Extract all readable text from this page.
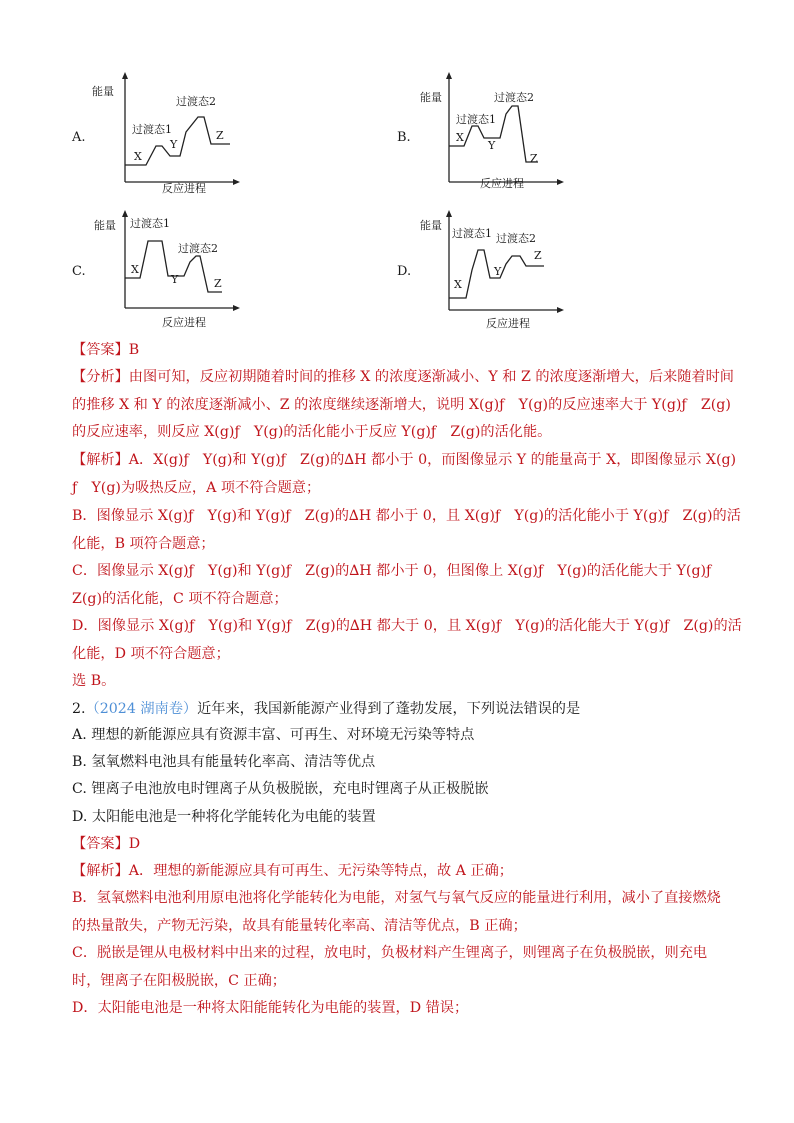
A.
能量
反应进程
过渡态1
过渡态2
X
Y
Z	B.
能量
反应进程
过渡态1
过渡态2
X
Y
Z
C.
能量
反应进程
过渡态1
过渡态2
X
Y	Z
D.
能量
反应进程
过渡态1 过渡态2
X
Y
Z
【答案】B
【分析】由图可知，反应初期随着时间的推移 X 的浓度逐渐减小、Y 和 Z 的浓度逐渐增大，后来随着时间
的推移 X 和 Y 的浓度逐渐减小、Z 的浓度继续逐渐增大，说明 X(g)ƒ　Y(g)的反应速率大于 Y(g)ƒ　Z(g)
的反应速率，则反应 X(g)ƒ　Y(g)的活化能小于反应 Y(g)ƒ　Z(g)的活化能。
【解析】A．X(g)ƒ　Y(g)和 Y(g)ƒ　Z(g)的∆H 都小于 0，而图像显示 Y 的能量高于 X，即图像显示 X(g)
ƒ　Y(g)为吸热反应，A 项不符合题意；
B．图像显示 X(g)ƒ　Y(g)和 Y(g)ƒ　Z(g)的∆H 都小于 0，且 X(g)ƒ　Y(g)的活化能小于 Y(g)ƒ　Z(g)的活
化能，B 项符合题意；
C．图像显示 X(g)ƒ　Y(g)和 Y(g)ƒ　Z(g)的∆H 都小于 0，但图像上 X(g)ƒ　Y(g)的活化能大于 Y(g)ƒ
Z(g)的活化能，C 项不符合题意；
D．图像显示 X(g)ƒ　Y(g)和 Y(g)ƒ　Z(g)的∆H 都大于 0，且 X(g)ƒ　Y(g)的活化能大于 Y(g)ƒ　Z(g)的活
化能，D 项不符合题意；
选 B。
2.（2024 湖南卷）近年来，我国新能源产业得到了蓬勃发展，下列说法错误的是
A. 理想的新能源应具有资源丰富、可再生、对环境无污染等特点
B. 氢氧燃料电池具有能量转化率高、清洁等优点
C. 锂离子电池放电时锂离子从负极脱嵌，充电时锂离子从正极脱嵌
D. 太阳能电池是一种将化学能转化为电能的装置
【答案】D
【解析】A．理想的新能源应具有可再生、无污染等特点，故 A 正确；
B．氢氧燃料电池利用原电池将化学能转化为电能，对氢气与氧气反应的能量进行利用，减小了直接燃烧
的热量散失，产物无污染，故具有能量转化率高、清洁等优点，B 正确；
C．脱嵌是锂从电极材料中出来的过程，放电时，负极材料产生锂离子，则锂离子在负极脱嵌，则充电
时，锂离子在阳极脱嵌，C 正确；
D．太阳能电池是一种将太阳能能转化为电能的装置，D 错误；
